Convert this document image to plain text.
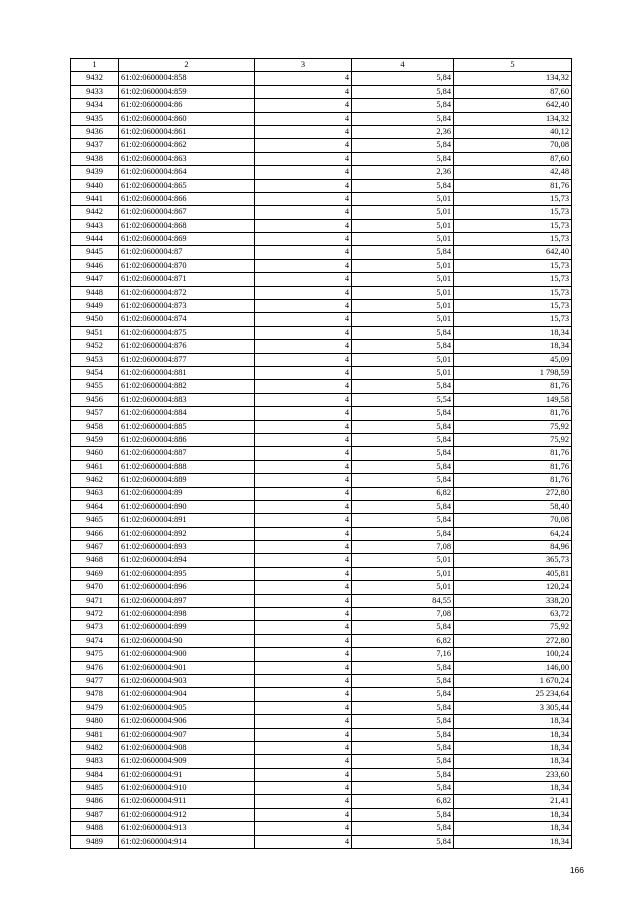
1	2	3	4	5
9432	61:02:0600004:858	4	5,84	134,32
9433	61:02:0600004:859	4	5,84	87,60
9434	61:02:0600004:86	4	5,84	642,40
9435	61:02:0600004:860	4	5,84	134,32
9436	61:02:0600004:861	4	2,36	40,12
9437	61:02:0600004:862	4	5,84	70,08
9438	61:02:0600004:863	4	5,84	87,60
9439	61:02:0600004:864	4	2,36	42,48
9440	61:02:0600004:865	4	5,84	81,76
9441	61:02:0600004:866	4	5,01	15,73
9442	61:02:0600004:867	4	5,01	15,73
9443	61:02:0600004:868	4	5,01	15,73
9444	61:02:0600004:869	4	5,01	15,73
9445	61:02:0600004:87	4	5,84	642,40
9446	61:02:0600004:870	4	5,01	15,73
9447	61:02:0600004:871	4	5,01	15,73
9448	61:02:0600004:872	4	5,01	15,73
9449	61:02:0600004:873	4	5,01	15,73
9450	61:02:0600004:874	4	5,01	15,73
9451	61:02:0600004:875	4	5,84	18,34
9452	61:02:0600004:876	4	5,84	18,34
9453	61:02:0600004:877	4	5,01	45,09
9454	61:02:0600004:881	4	5,01	1 798,59
9455	61:02:0600004:882	4	5,84	81,76
9456	61:02:0600004:883	4	5,54	149,58
9457	61:02:0600004:884	4	5,84	81,76
9458	61:02:0600004:885	4	5,84	75,92
9459	61:02:0600004:886	4	5,84	75,92
9460	61:02:0600004:887	4	5,84	81,76
9461	61:02:0600004:888	4	5,84	81,76
9462	61:02:0600004:889	4	5,84	81,76
9463	61:02:0600004:89	4	6,82	272,80
9464	61:02:0600004:890	4	5,84	58,40
9465	61:02:0600004:891	4	5,84	70,08
9466	61:02:0600004:892	4	5,84	64,24
9467	61:02:0600004:893	4	7,08	84,96
9468	61:02:0600004:894	4	5,01	365,73
9469	61:02:0600004:895	4	5,01	405,81
9470	61:02:0600004:896	4	5,01	120,24
9471	61:02:0600004:897	4	84,55	338,20
9472	61:02:0600004:898	4	7,08	63,72
9473	61:02:0600004:899	4	5,84	75,92
9474	61:02:0600004:90	4	6,82	272,80
9475	61:02:0600004:900	4	7,16	100,24
9476	61:02:0600004:901	4	5,84	146,00
9477	61:02:0600004:903	4	5,84	1 670,24
9478	61:02:0600004:904	4	5,84	25 234,64
9479	61:02:0600004:905	4	5,84	3 305,44
9480	61:02:0600004:906	4	5,84	18,34
9481	61:02:0600004:907	4	5,84	18,34
9482	61:02:0600004:908	4	5,84	18,34
9483	61:02:0600004:909	4	5,84	18,34
9484	61:02:0600004:91	4	5,84	233,60
9485	61:02:0600004:910	4	5,84	18,34
9486	61:02:0600004:911	4	6,82	21,41
9487	61:02:0600004:912	4	5,84	18,34
9488	61:02:0600004:913	4	5,84	18,34
9489	61:02:0600004:914	4	5,84	18,34
166
